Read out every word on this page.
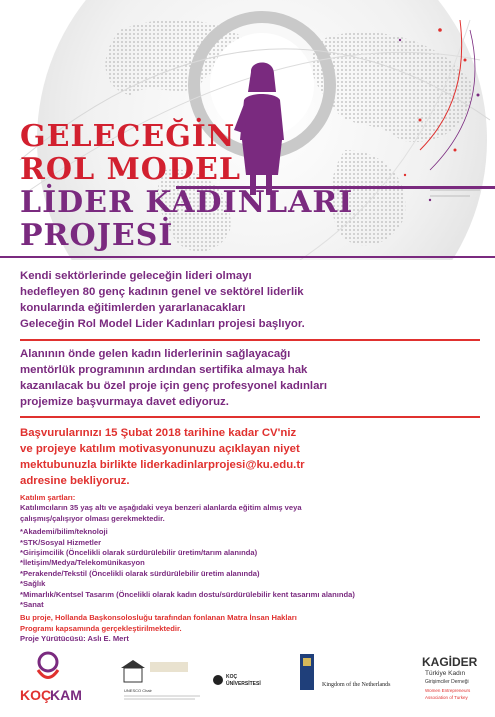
GELECEĞİN
ROL MODEL
LİDER KADINLARI
PROJESİ
Kendi sektörlerinde geleceğin lideri olmayı
hedefleyen 80 genç kadının genel ve sektörel liderlik
konularında eğitimlerden yararlanacakları
Geleceğin Rol Model Lider Kadınları projesi başlıyor.
Alanının önde gelen kadın liderlerinin sağlayacağı
mentörlük programının ardından sertifika almaya hak
kazanılacak bu özel proje için genç profesyonel kadınları
projemize başvurmaya davet ediyoruz.
Başvurularınızı 15 Şubat 2018 tarihine kadar CV'niz
ve projeye katılım motivasyonunuzu açıklayan niyet
mektubunuzla birlikte liderkadinlarprojesi@ku.edu.tr
adresine bekliyoruz.
Katılım şartları:
Katılımcıların 35 yaş altı ve aşağıdaki veya benzeri alanlarda eğitim almış veya
çalışmış/çalışıyor olması gerekmektedir.
*Akademi/bilim/teknoloji
*STK/Sosyal Hizmetler
*Girişimcilik (Öncelikli olarak sürdürülebilir üretim/tarım alanında)
*İletişim/Medya/Telekomünikasyon
*Perakende/Tekstil (Öncelikli olarak sürdürülebilir üretim alanında)
*Sağlık
*Mimarlık/Kentsel Tasarım (Öncelikli olarak kadın dostu/sürdürülebilir kent tasarımı alanında)
*Sanat
Bu proje, Hollanda Başkonsolosluğu tarafından fonlanan Matra İnsan Hakları
Programı kapsamında gerçekleştirilmektedir.
Proje Yürütücüsü: Aslı E. Mert
KOÇ
KAM	UNESCO Chair
KOÇ
ÜNİVERSİTESİ	Kingdom of the Netherlands
KAGİDER
Türkiye Kadın
Girişimciler Derneği
Women Entrepreneurs
Association of Turkey
